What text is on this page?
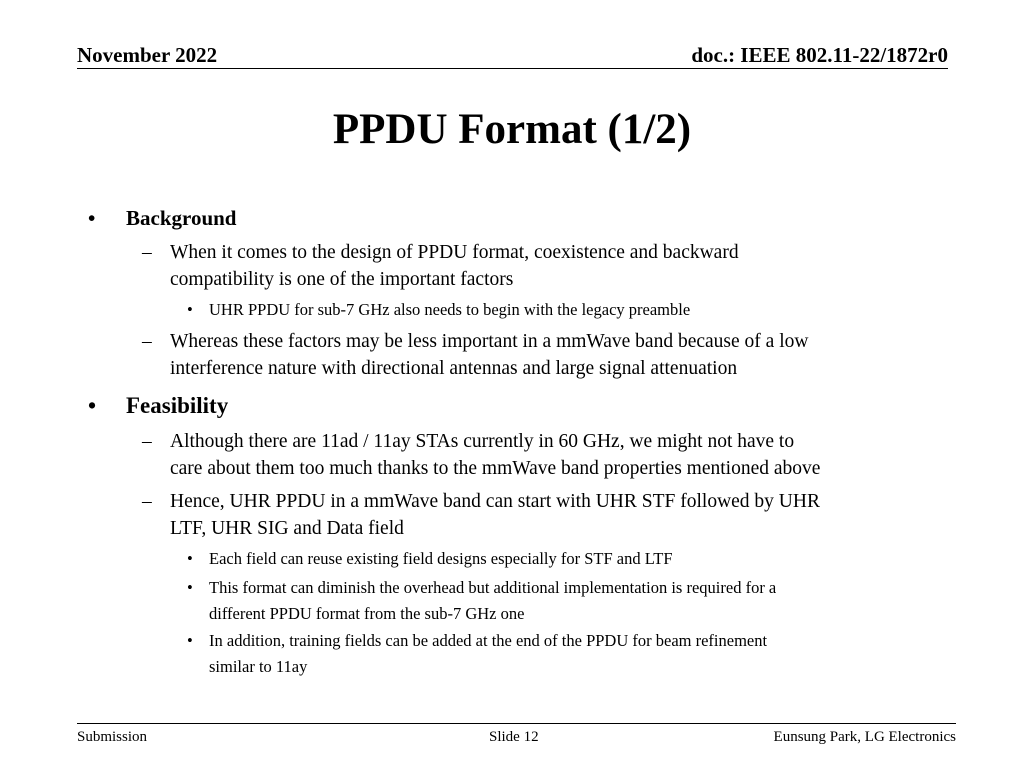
November 2022	doc.: IEEE 802.11-22/1872r0
PPDU Format (1/2)
• Background
– When it comes to the design of PPDU format, coexistence and backward
compatibility is one of the important factors
• UHR PPDU for sub-7 GHz also needs to begin with the legacy preamble
– Whereas these factors may be less important in a mmWave band because of a low
interference nature with directional antennas and large signal attenuation
• Feasibility
– Although there are 11ad / 11ay STAs currently in 60 GHz, we might not have to
care about them too much thanks to the mmWave band properties mentioned above
– Hence, UHR PPDU in a mmWave band can start with UHR STF followed by UHR
LTF, UHR SIG and Data field
• Each field can reuse existing field designs especially for STF and LTF
• This format can diminish the overhead but additional implementation is required for a
different PPDU format from the sub-7 GHz one
• In addition, training fields can be added at the end of the PPDU for beam refinement
similar to 11ay
Submission	Slide 12	Eunsung Park, LG Electronics
